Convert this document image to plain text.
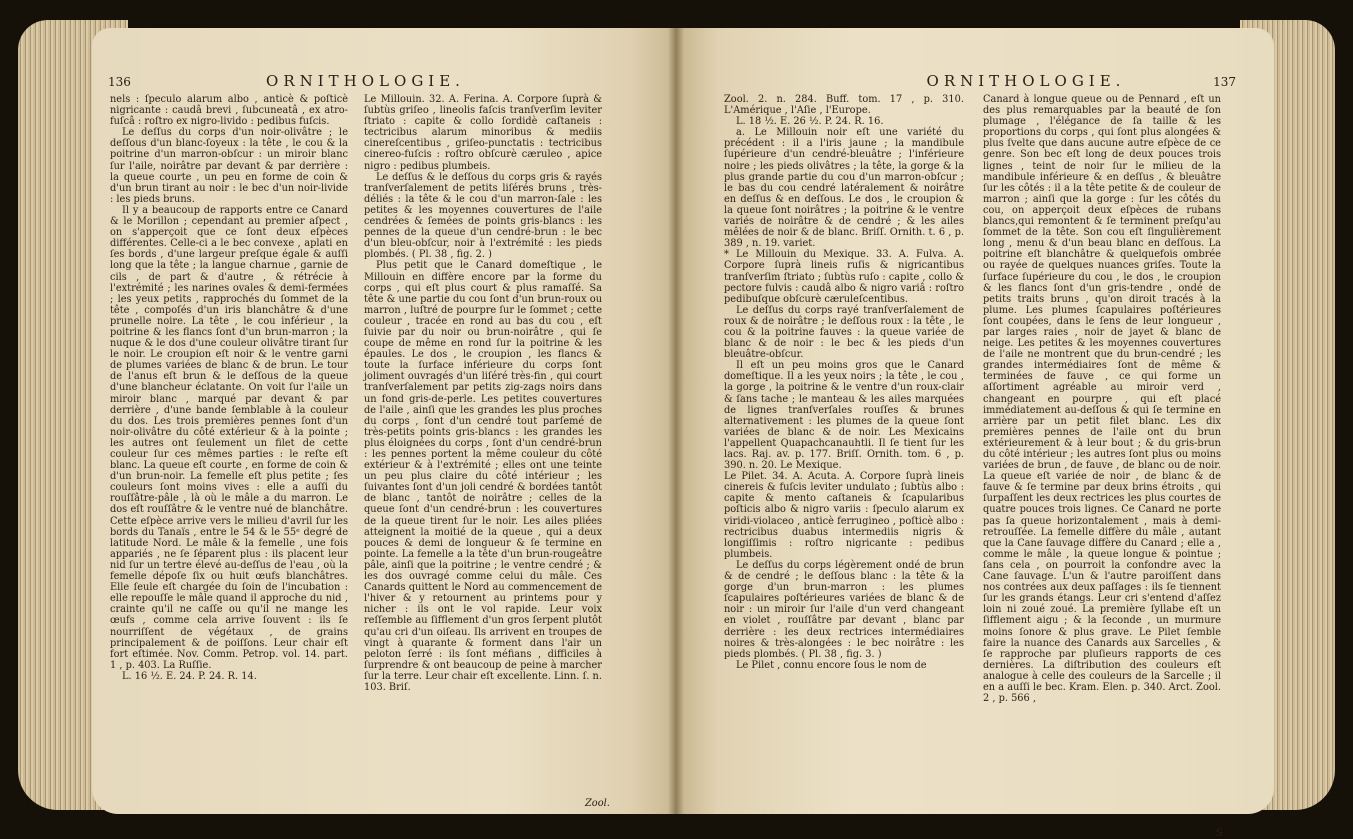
136	ORNITHOLOGIE.

nels : ſpeculo alarum albo , anticè & poſticè nigricante : caudâ brevi , ſubcuneatâ , ex atro-fuſcâ : roſtro ex nigro-livido : pedibus fuſcis.

Le deſſus du corps d'un noir-olivâtre ; le deſſous d'un blanc-ſoyeux : la tête , le cou & la poitrine d'un marron-obſcur : un miroir blanc ſur l'aile, noirâtre par devant & par derrière : la queue courte , un peu en forme de coin & d'un brun tirant au noir : le bec d'un noir-livide : les pieds bruns.

Il y a beaucoup de rapports entre ce Canard & le Morillon ; cependant au premier aſpect , on s'apperçoit que ce ſont deux eſpèces différentes. Celle-ci a le bec convexe , aplati en ſes bords , d'une largeur preſque égale & auſſi long que la tête ; la langue charnue , garnie de cils , de part & d'autre , & rétrécie à l'extrémité ; les narines ovales & demi-fermées ; les yeux petits , rapprochés du ſommet de la tête , compoſés d'un iris blanchâtre & d'une prunelle noire. La tête , le cou inférieur , la poitrine & les flancs ſont d'un brun-marron ; la nuque & le dos d'une couleur olivâtre tirant ſur le noir. Le croupion eſt noir & le ventre garni de plumes variées de blanc & de brun. Le tour de l'anus eſt brun & le deſſous de la queue d'une blancheur éclatante. On voit ſur l'aile un miroir blanc , marqué par devant & par derrière , d'une bande ſemblable à la couleur du dos. Les trois premières pennes ſont d'un noir-olivâtre du côté extérieur & à la pointe ; les autres ont ſeulement un filet de cette couleur ſur ces mêmes parties : le reſte eſt blanc. La queue eſt courte , en forme de coin & d'un brun-noir. La femelle eſt plus petite ; ſes couleurs ſont moins vives : elle a auſſi du rouſſâtre-pâle , là où le mâle a du marron. Le dos eſt rouſſâtre & le ventre nué de blanchâtre. Cette eſpèce arrive vers le milieu d'avril ſur les bords du Tanaïs , entre le 54 & le 55ᵉ degré de latitude Nord. Le mâle & la femelle , une fois appariés , ne ſe ſéparent plus : ils placent leur nid ſur un tertre élevé au-deſſus de l'eau , où la femelle dépoſe ſix ou huit œufs blanchâtres. Elle ſeule eſt chargée du ſoin de l'incubation : elle repouſſe le mâle quand il approche du nid , crainte qu'il ne caſſe ou qu'il ne mange les œufs , comme cela arrive ſouvent : ils ſe nourriſſent de végétaux , de grains principalement & de poiſſons. Leur chair eſt fort eſtimée. Nov. Comm. Petrop. vol. 14. part. 1 , p. 403. La Ruſſie.

L. 16 ½. E. 24. P. 24. R. 14.

Le Millouin. 32. A. Ferina. A. Corpore ſuprà & ſubtùs griſeo , lineolis faſcis tranſverſim leviter ſtriato : capite & collo ſordidè caſtaneis : tectricibus alarum minoribus & mediis cinereſcentibus , griſeo-punctatis : tectricibus cinereo-fuſcis : roſtro obſcurè cæruleo , apice nigro : pedibus plumbeis.

Le deſſus & le deſſous du corps gris & rayés tranſverſalement de petits liſérés bruns , très-déliés : la tête & le cou d'un marron-ſale : les petites & les moyennes couvertures de l'aile cendrées & ſemées de points gris-blancs : les pennes de la queue d'un cendré-brun : le bec d'un bleu-obſcur, noir à l'extrémité : les pieds plombés. ( Pl. 38 , fig. 2. )

Plus petit que le Canard domeſtique , le Millouin en diffère encore par la forme du corps , qui eſt plus court & plus ramaſſé. Sa tête & une partie du cou ſont d'un brun-roux ou marron , luſtré de pourpre ſur le ſommet ; cette couleur , tracée en rond au bas du cou , eſt ſuivie par du noir ou brun-noirâtre , qui ſe coupe de même en rond ſur la poitrine & les épaules. Le dos , le croupion , les flancs & toute la ſurface inférieure du corps ſont joliment ouvragés d'un liſéré très-fin , qui court tranſverſalement par petits zig-zags noirs dans un fond gris-de-perle. Les petites couvertures de l'aile , ainſi que les grandes les plus proches du corps , ſont d'un cendré tout parſemé de très-petits points gris-blancs : les grandes les plus éloignées du corps , ſont d'un cendré-brun : les pennes portent la même couleur du côté extérieur & à l'extrémité ; elles ont une teinte un peu plus claire du côté intérieur ; les ſuivantes ſont d'un joli cendré & bordées tantôt de blanc , tantôt de noirâtre ; celles de la queue ſont d'un cendré-brun : les couvertures de la queue tirent ſur le noir. Les ailes pliées atteignent la moitié de la queue , qui a deux pouces & demi de longueur & ſe termine en pointe. La femelle a la tête d'un brun-rougeâtre pâle, ainſi que la poitrine ; le ventre cendré ; & les dos ouvragé comme celui du mâle. Ces Canards quittent le Nord au commencement de l'hiver & y retournent au printems pour y nicher : ils ont le vol rapide. Leur voix reſſemble au ſifflement d'un gros ſerpent plutôt qu'au cri d'un oiſeau. Ils arrivent en troupes de vingt à quarante & forment dans l'air un peloton ſerré : ils ſont méfians , difficiles à ſurprendre & ont beaucoup de peine à marcher ſur la terre. Leur chair eſt excellente. Linn. ſ. n. 103. Briſ.

Zool.
ORNITHOLOGIE.	137

Zool. 2. n. 284. Buff. tom. 17 , p. 310. L'Amérique , l'Aſie , l'Europe.

L. 18 ½. E. 26 ½. P. 24. R. 16.

a. Le Millouin noir eſt une variété du précédent : il a l'iris jaune ; la mandibule ſupérieure d'un cendré-bleuâtre ; l'inférieure noire ; les pieds olivâtres ; la tête, la gorge & la plus grande partie du cou d'un marron-obſcur ; le bas du cou cendré latéralement & noirâtre en deſſus & en deſſous. Le dos , le croupion & la queue ſont noirâtres ; la poitrine & le ventre variés de noirâtre & de cendré ; & les ailes mêlées de noir & de blanc. Briſſ. Ornith. t. 6 , p. 389 , n. 19. variet.

* Le Millouin du Mexique. 33. A. Fulva. A. Corpore ſuprà lineis ruſis & nigricantibus tranſverſim ſtriato ; ſubtùs ruſo : capite , collo & pectore fulvis : caudâ albo & nigro variâ : roſtro pedibuſque obſcurè cæruleſcentibus.

Le deſſus du corps rayé tranſverſalement de roux & de noirâtre ; le deſſous roux : la tête , le cou & la poitrine fauves : la queue variée de blanc & de noir : le bec & les pieds d'un bleuâtre-obſcur.

Il eſt un peu moins gros que le Canard domeſtique. Il a les yeux noirs ; la tête , le cou , la gorge , la poitrine & le ventre d'un roux-clair & ſans tache ; le manteau & les ailes marquées de lignes tranſverſales rouſſes & brunes alternativement : les plumes de la queue ſont variées de blanc & de noir. Les Mexicains l'appellent Quapachcanauhtli. Il ſe tient ſur les lacs. Raj. av. p. 177. Briſſ. Ornith. tom. 6 , p. 390. n. 20. Le Mexique.

Le Pilet. 34. A. Acuta. A. Corpore ſuprà lineis cinereis & fuſcis leviter undulato ; ſubtùs albo : capite & mento caſtaneis & ſcapularibus poſticis albo & nigro variis : ſpeculo alarum ex viridi-violaceo , anticè ferrugineo , poſticè albo : rectricibus duabus intermediis nigris & longiſſimis : roſtro nigricante : pedibus plumbeis.

Le deſſus du corps légèrement ondé de brun & de cendré ; le deſſous blanc : la tête & la gorge d'un brun-marron : les plumes ſcapulaires poſtérieures variées de blanc & de noir : un miroir ſur l'aile d'un verd changeant en violet , rouſſâtre par devant , blanc par derrière : les deux rectrices intermédiaires noires & très-alongées : le bec noirâtre : les pieds plombés. ( Pl. 38 , fig. 3. )

Le Pilet , connu encore ſous le nom de

Canard à longue queue ou de Pennard , eſt un des plus remarquables par la beauté de ſon plumage , l'élégance de ſa taille & les proportions du corps , qui ſont plus alongées & plus ſvelte que dans aucune autre eſpèce de ce genre. Son bec eſt long de deux pouces trois lignes , teint de noir ſur le milieu de la mandibule inférieure & en deſſus , & bleuâtre ſur les côtés : il a la tête petite & de couleur de marron ; ainſi que la gorge : ſur les côtés du cou, on apperçoit deux eſpèces de rubans blancs,qui remontent & ſe terminent preſqu'au ſommet de la tête. Son cou eſt ſingulièrement long , menu & d'un beau blanc en deſſous. La poitrine eſt blanchâtre & quelquefois ombrée ou rayée de quelques nuances griſes. Toute la ſurface ſupérieure du cou , le dos , le croupion & les flancs ſont d'un gris-tendre , ondé de petits traits bruns , qu'on diroit tracés à la plume. Les plumes ſcapulaires poſtérieures ſont coupées, dans le ſens de leur longueur , par larges raies , noir de jayet & blanc de neige. Les petites & les moyennes couvertures de l'aile ne montrent que du brun-cendré ; les grandes intermédiaires ſont de même & terminées de fauve , ce qui forme un aſſortiment agréable au miroir verd , changeant en pourpre , qui eſt placé immédiatement au-deſſous & qui ſe termine en arrière par un petit filet blanc. Les dix premières pennes de l'aile ont du brun extérieurement & à leur bout ; & du gris-brun du côté intérieur ; les autres ſont plus ou moins variées de brun , de fauve , de blanc ou de noir. La queue eſt variée de noir , de blanc & de fauve & ſe termine par deux brins étroits , qui ſurpaſſent les deux rectrices les plus courtes de quatre pouces trois lignes. Ce Canard ne porte pas ſa queue horizontalement , mais à demi-retrouſſée. La femelle diffère du mâle , autant que la Cane ſauvage diffère du Canard ; elle a , comme le mâle , la queue longue & pointue ; ſans cela , on pourroit la confondre avec la Cane ſauvage. L'un & l'autre paroiſſent dans nos contrées aux deux paſſages : ils ſe tiennent ſur les grands étangs. Leur cri s'entend d'aſſez loin ni zoué zoué. La première ſyllabe eſt un ſifflement aigu ; & la ſeconde , un murmure moins ſonore & plus grave. Le Pilet ſemble faire la nuance des Canards aux Sarcelles , & ſe rapproche par pluſieurs rapports de ces dernières. La diſtribution des couleurs eſt analogue à celle des couleurs de la Sarcelle ; il en a auſſi le bec. Kram. Elen. p. 340. Arct. Zool. 2 , p. 566 ,

S
